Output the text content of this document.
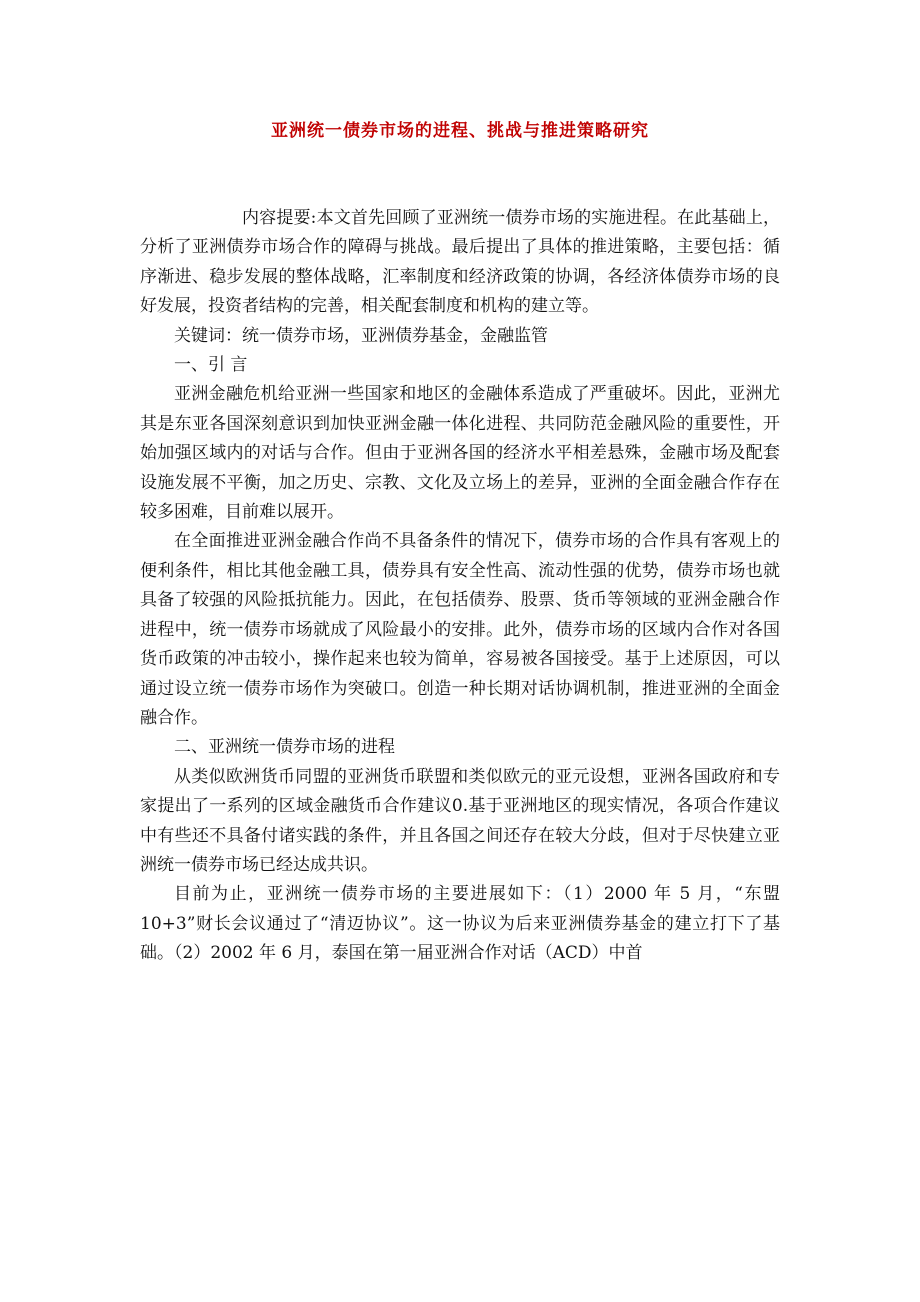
亚洲统一债券市场的进程、挑战与推进策略研究

内容提要:本文首先回顾了亚洲统一债券市场的实施进程。在此基础上，分析了亚洲债券市场合作的障碍与挑战。最后提出了具体的推进策略，主要包括：循序渐进、稳步发展的整体战略，汇率制度和经济政策的协调，各经济体债券市场的良好发展，投资者结构的完善，相关配套制度和机构的建立等。

关键词：统一债券市场，亚洲债券基金，金融监管

一、引 言

亚洲金融危机给亚洲一些国家和地区的金融体系造成了严重破坏。因此，亚洲尤其是东亚各国深刻意识到加快亚洲金融一体化进程、共同防范金融风险的重要性，开始加强区域内的对话与合作。但由于亚洲各国的经济水平相差悬殊，金融市场及配套设施发展不平衡，加之历史、宗教、文化及立场上的差异，亚洲的全面金融合作存在较多困难，目前难以展开。

在全面推进亚洲金融合作尚不具备条件的情况下，债券市场的合作具有客观上的便利条件，相比其他金融工具，债券具有安全性高、流动性强的优势，债券市场也就具备了较强的风险抵抗能力。因此，在包括债券、股票、货币等领域的亚洲金融合作进程中，统一债券市场就成了风险最小的安排。此外，债券市场的区域内合作对各国货币政策的冲击较小，操作起来也较为简单，容易被各国接受。基于上述原因，可以通过设立统一债券市场作为突破口。创造一种长期对话协调机制，推进亚洲的全面金融合作。

二、亚洲统一债券市场的进程

从类似欧洲货币同盟的亚洲货币联盟和类似欧元的亚元设想，亚洲各国政府和专家提出了一系列的区域金融货币合作建议0.基于亚洲地区的现实情况，各项合作建议中有些还不具备付诸实践的条件，并且各国之间还存在较大分歧，但对于尽快建立亚洲统一债券市场已经达成共识。

目前为止，亚洲统一债券市场的主要进展如下：（1）2000 年 5 月，“东盟 10+3”财长会议通过了“清迈协议”。这一协议为后来亚洲债券基金的建立打下了基础。（2）2002 年 6 月，泰国在第一届亚洲合作对话（ACD）中首
